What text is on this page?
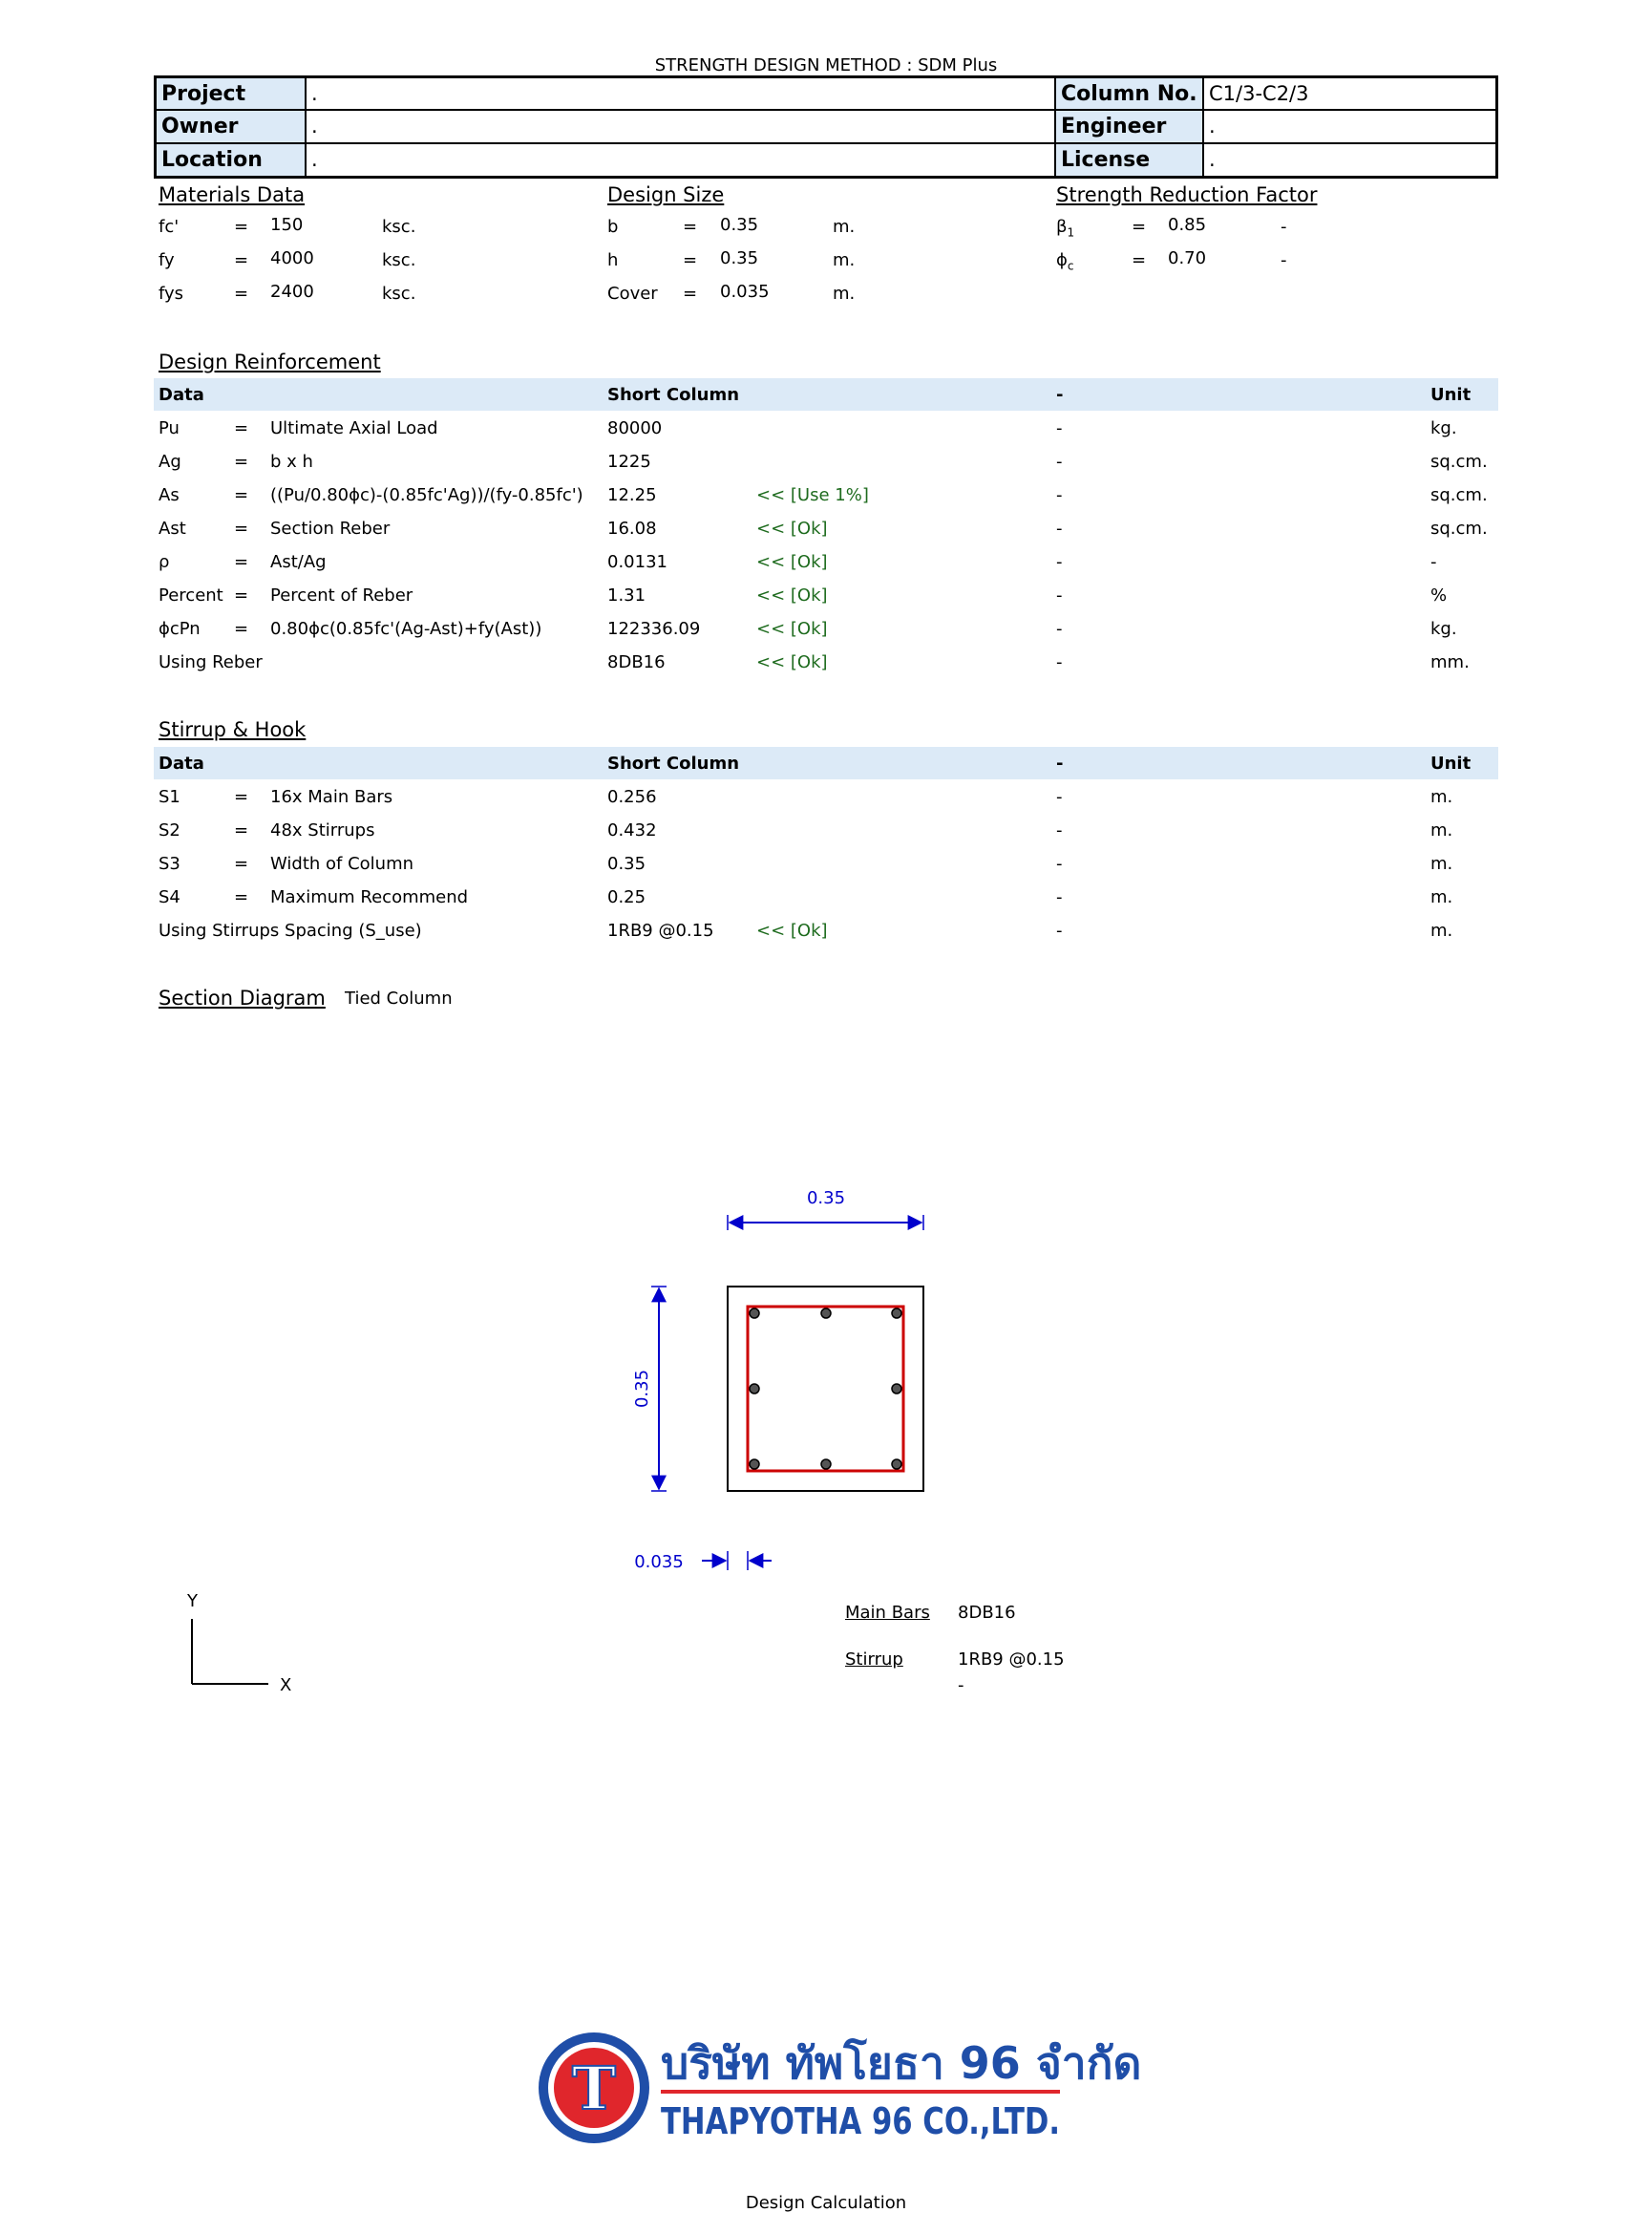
STRENGTH DESIGN METHOD : SDM Plus
Project	.
Owner	.
Location	.
Column No. C1/3-C2/3
Engineer	.
License	.
Materials Data
fc'	= 150	ksc.
fy	= 4000	ksc.
fys	= 2400	ksc.
Design Size
b	= 0.35	m.
h	= 0.35	m.
Cover = 0.035	m.
Strength Reduction Factor
$\beta_1$	= 0.85	-
$\phi_c$	= 0.70	-
Design Reinforcement
Data	Short Column	-	Unit
Pu	= Ultimate Axial Load	80000	-	kg.
Ag	= b x h	1225	-	sq.cm.
As	= ((Pu/0.80ϕc)-(0.85fc'Ag))/(fy-0.85fc') 12.25	<< [Use 1%]	-	sq.cm.
Ast	= Section Reber	16.08	<< [Ok]	-	sq.cm.
ρ	= Ast/Ag	0.0131	<< [Ok]	-	-
Percent = Percent of Reber	1.31	<< [Ok]	-	%
ϕcPn = 0.80ϕc(0.85fc'(Ag-Ast)+fy(Ast))	122336.09	<< [Ok]	-	kg.
Using Reber	8DB16	<< [Ok]	-	mm.
Stirrup & Hook
Data	Short Column	-	Unit
S1	= 16x Main Bars	0.256	-	m.
S2	= 48x Stirrups	0.432	-	m.
S3	= Width of Column	0.35	-	m.
S4	= Maximum Recommend	0.25	-	m.
Using Stirrups Spacing (S_use)	1RB9 @0.15 << [Ok]	-	m.
Section Diagram Tied Column
0.35
0.35
0.035
Y
X
Main Bars 8DB16
Stirrup	1RB9 @0.15
-
T บริษัท ทัพโยธา 96 จำกัด
THAPYOTHA 96 CO.,LTD.
Design Calculation
